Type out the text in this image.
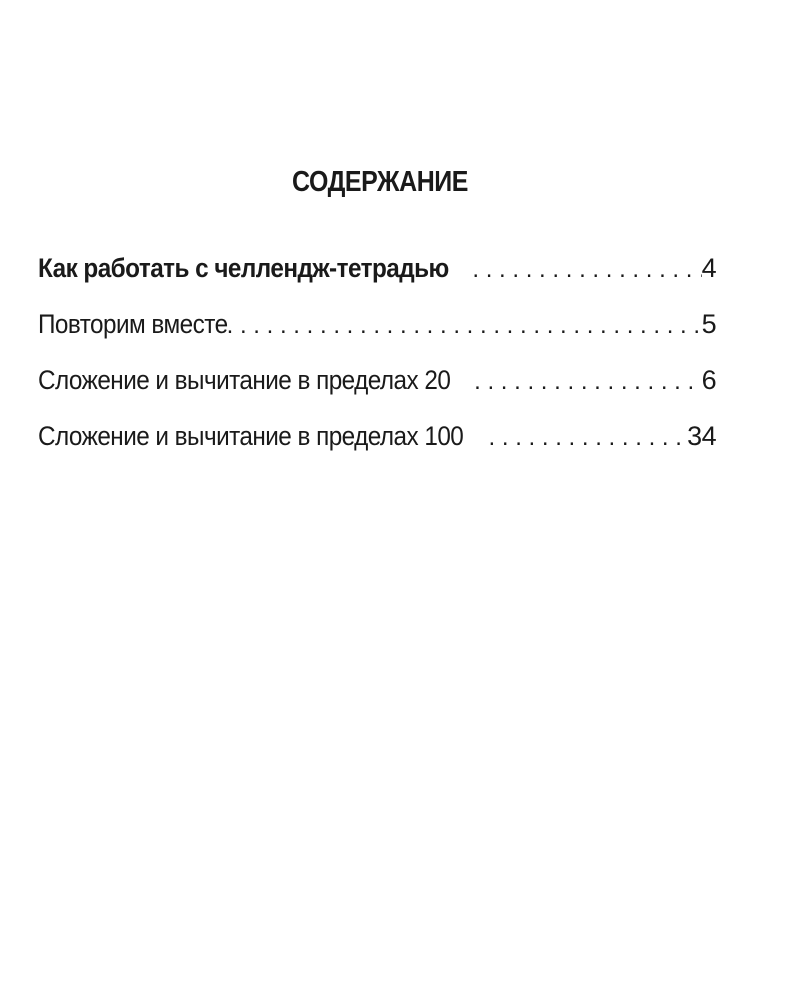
СОДЕРЖАНИЕ
Как работать с челлендж-тетрадью . . .	4
Повторим вместе . . .	5
Сложение и вычитание в пределах 20 . . .	6
Сложение и вычитание в пределах 100 . . .	34
